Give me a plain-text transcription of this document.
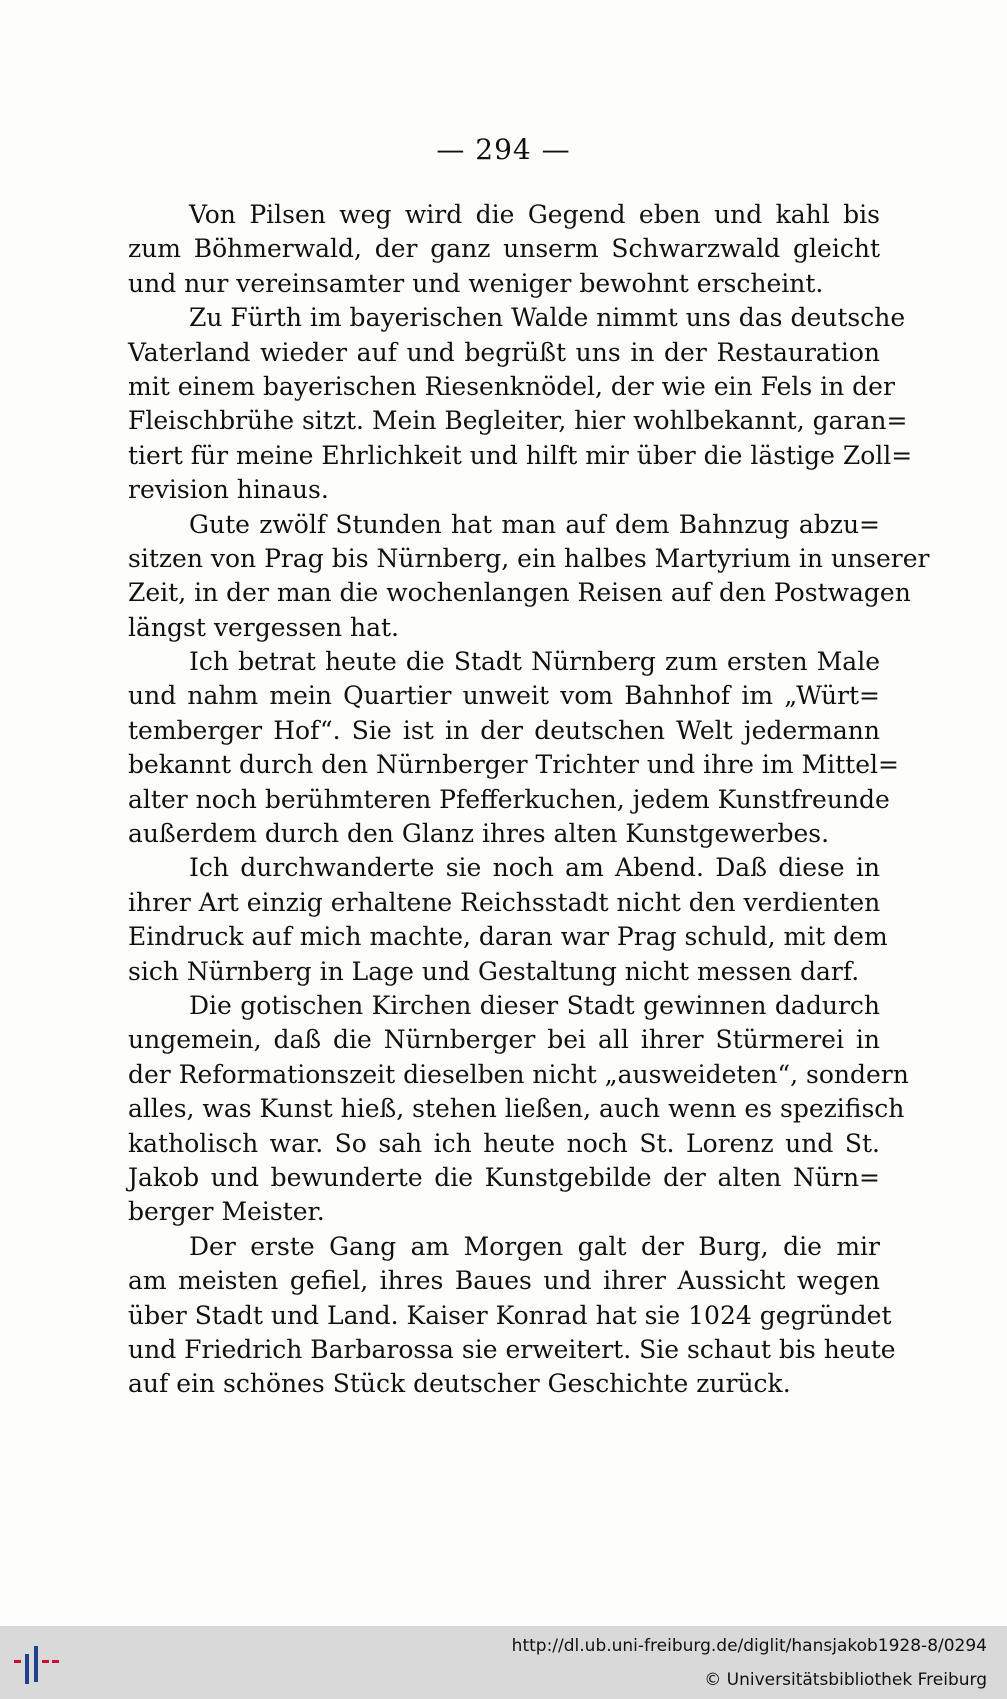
— 294 —
Von Pilsen weg wird die Gegend eben und kahl bis
zum Böhmerwald, der ganz unserm Schwarzwald gleicht
und nur vereinsamter und weniger bewohnt erscheint.
Zu Fürth im bayerischen Walde nimmt uns das deutsche
Vaterland wieder auf und begrüßt uns in der Restauration
mit einem bayerischen Riesenknödel, der wie ein Fels in der
Fleischbrühe sitzt. Mein Begleiter, hier wohlbekannt, garan=
tiert für meine Ehrlichkeit und hilft mir über die lästige Zoll=
revision hinaus.
Gute zwölf Stunden hat man auf dem Bahnzug abzu=
sitzen von Prag bis Nürnberg, ein halbes Martyrium in unserer
Zeit, in der man die wochenlangen Reisen auf den Postwagen
längst vergessen hat.
Ich betrat heute die Stadt Nürnberg zum ersten Male
und nahm mein Quartier unweit vom Bahnhof im „Würt=
temberger Hof“. Sie ist in der deutschen Welt jedermann
bekannt durch den Nürnberger Trichter und ihre im Mittel=
alter noch berühmteren Pfefferkuchen, jedem Kunstfreunde
außerdem durch den Glanz ihres alten Kunstgewerbes.
Ich durchwanderte sie noch am Abend. Daß diese in
ihrer Art einzig erhaltene Reichsstadt nicht den verdienten
Eindruck auf mich machte, daran war Prag schuld, mit dem
sich Nürnberg in Lage und Gestaltung nicht messen darf.
Die gotischen Kirchen dieser Stadt gewinnen dadurch
ungemein, daß die Nürnberger bei all ihrer Stürmerei in
der Reformationszeit dieselben nicht „ausweideten“, sondern
alles, was Kunst hieß, stehen ließen, auch wenn es spezifisch
katholisch war. So sah ich heute noch St. Lorenz und St.
Jakob und bewunderte die Kunstgebilde der alten Nürn=
berger Meister.
Der erste Gang am Morgen galt der Burg, die mir
am meisten gefiel, ihres Baues und ihrer Aussicht wegen
über Stadt und Land. Kaiser Konrad hat sie 1024 gegründet
und Friedrich Barbarossa sie erweitert. Sie schaut bis heute
auf ein schönes Stück deutscher Geschichte zurück.
http://dl.ub.uni-freiburg.de/diglit/hansjakob1928-8/0294
© Universitätsbibliothek Freiburg
